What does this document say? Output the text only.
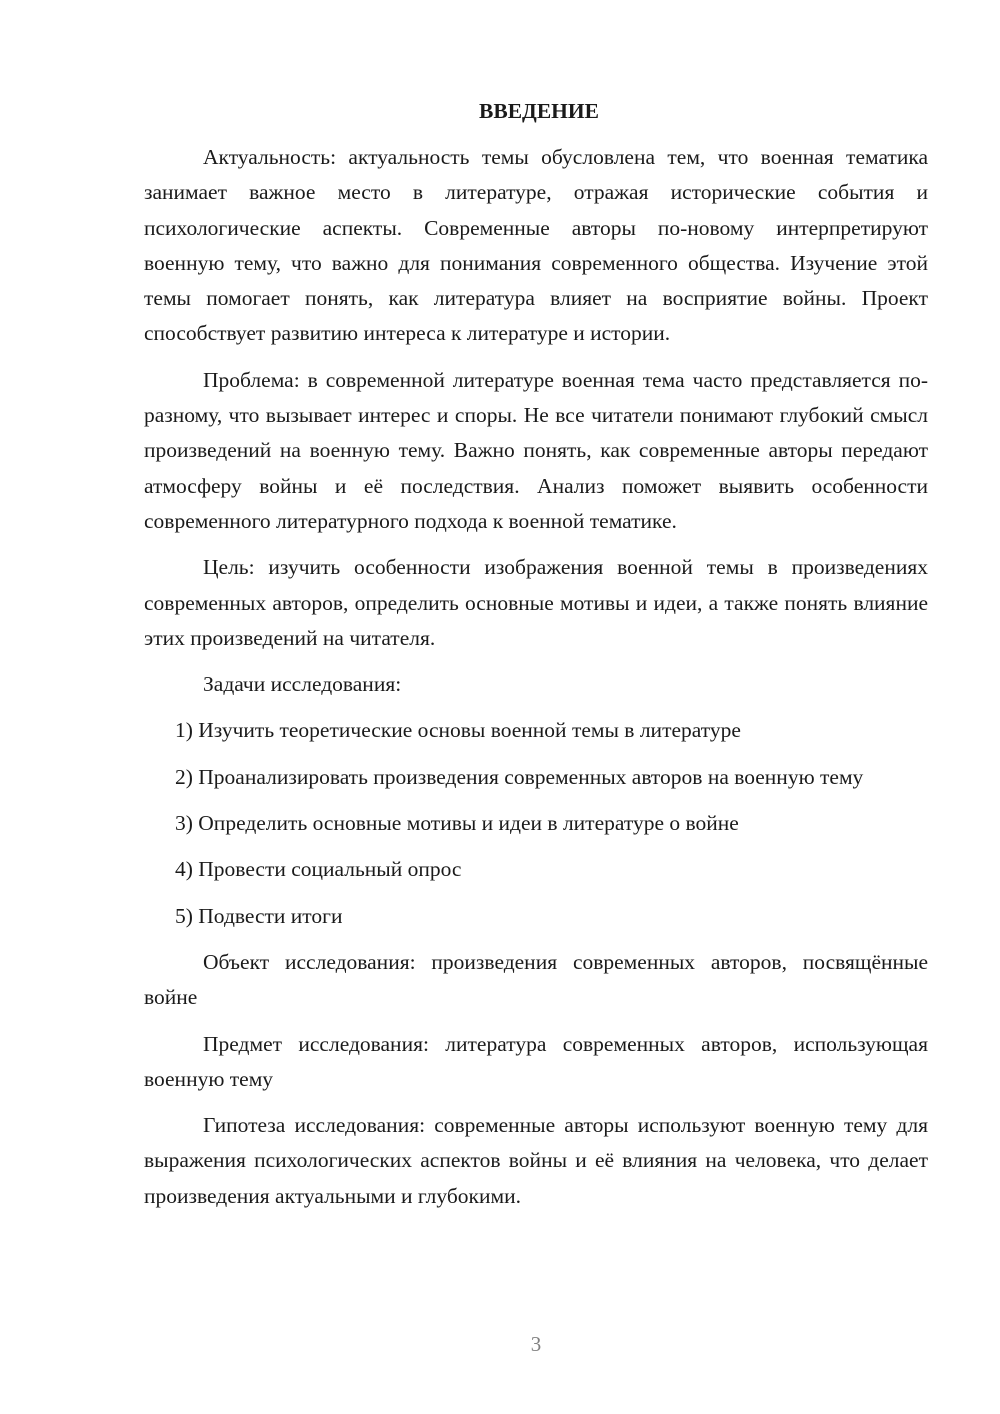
ВВЕДЕНИЕ

Актуальность: актуальность темы обусловлена тем, что военная тематика занимает важное место в литературе, отражая исторические события и психологические аспекты. Современные авторы по-новому интерпретируют военную тему, что важно для понимания современного общества. Изучение этой темы помогает понять, как литература влияет на восприятие войны. Проект способствует развитию интереса к литературе и истории.

Проблема: в современной литературе военная тема часто представляется по-разному, что вызывает интерес и споры. Не все читатели понимают глубокий смысл произведений на военную тему. Важно понять, как современные авторы передают атмосферу войны и её последствия. Анализ поможет выявить особенности современного литературного подхода к военной тематике.

Цель: изучить особенности изображения военной темы в произведениях современных авторов, определить основные мотивы и идеи, а также понять влияние этих произведений на читателя.

Задачи исследования:

1) Изучить теоретические основы военной темы в литературе

2) Проанализировать произведения современных авторов на военную тему

3) Определить основные мотивы и идеи в литературе о войне

4) Провести социальный опрос

5) Подвести итоги

Объект исследования: произведения современных авторов, посвящённые войне

Предмет исследования: литература современных авторов, использующая военную тему

Гипотеза исследования: современные авторы используют военную тему для выражения психологических аспектов войны и её влияния на человека, что делает произведения актуальными и глубокими.

3
